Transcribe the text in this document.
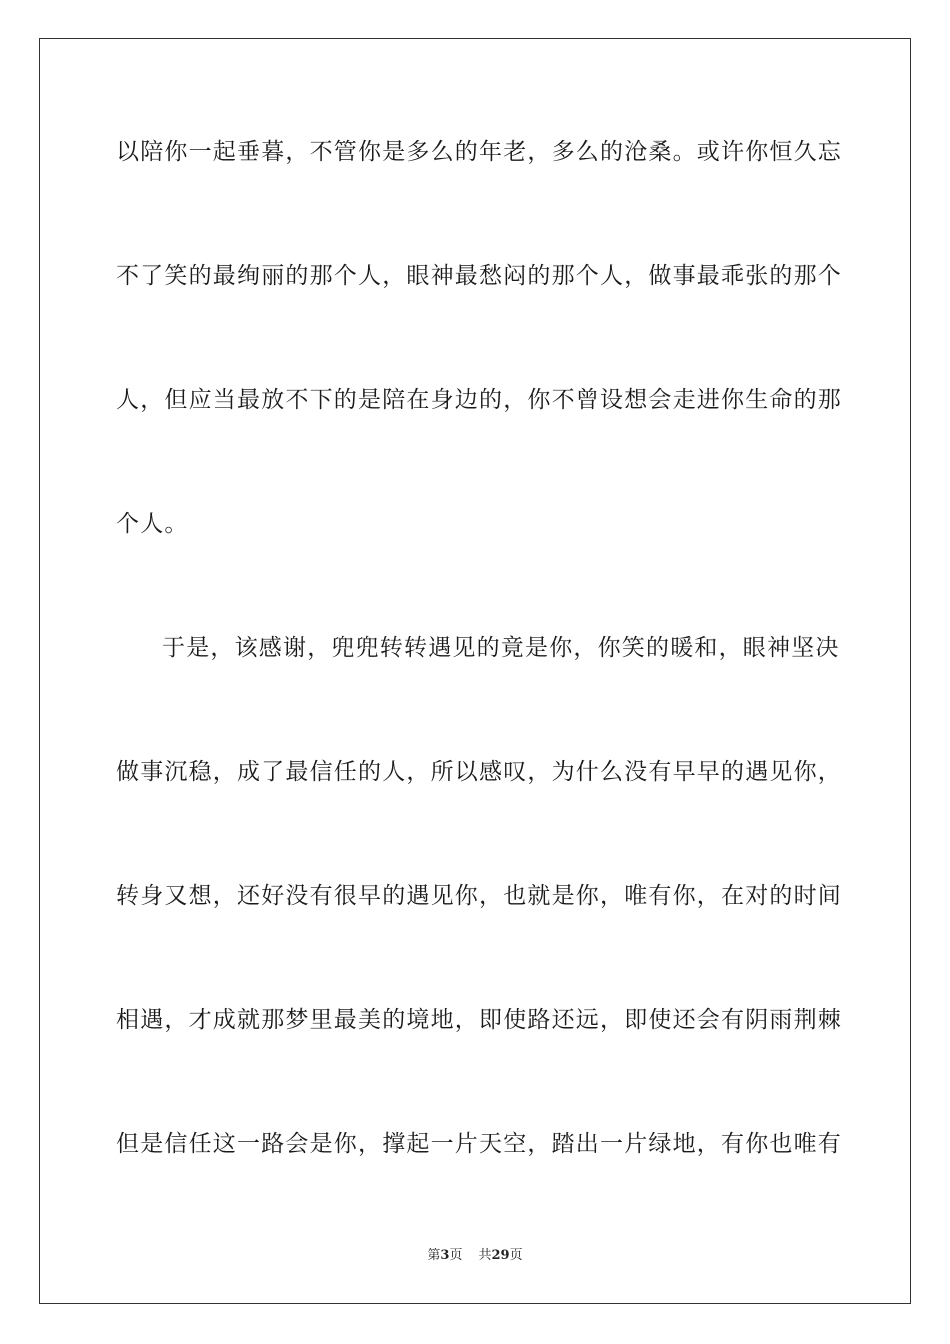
以陪你一起垂暮，不管你是多么的年老，多么的沧桑。或许你恒久忘
不了笑的最绚丽的那个人，眼神最愁闷的那个人，做事最乖张的那个
人，但应当最放不下的是陪在身边的，你不曾设想会走进你生命的那
个人。
于是，该感谢，兜兜转转遇见的竟是你，你笑的暖和，眼神坚决
做事沉稳，成了最信任的人，所以感叹，为什么没有早早的遇见你，
转身又想，还好没有很早的遇见你，也就是你，唯有你，在对的时间
相遇，才成就那梦里最美的境地，即使路还远，即使还会有阴雨荆棘
但是信任这一路会是你，撑起一片天空，踏出一片绿地，有你也唯有
第3页 共29页
